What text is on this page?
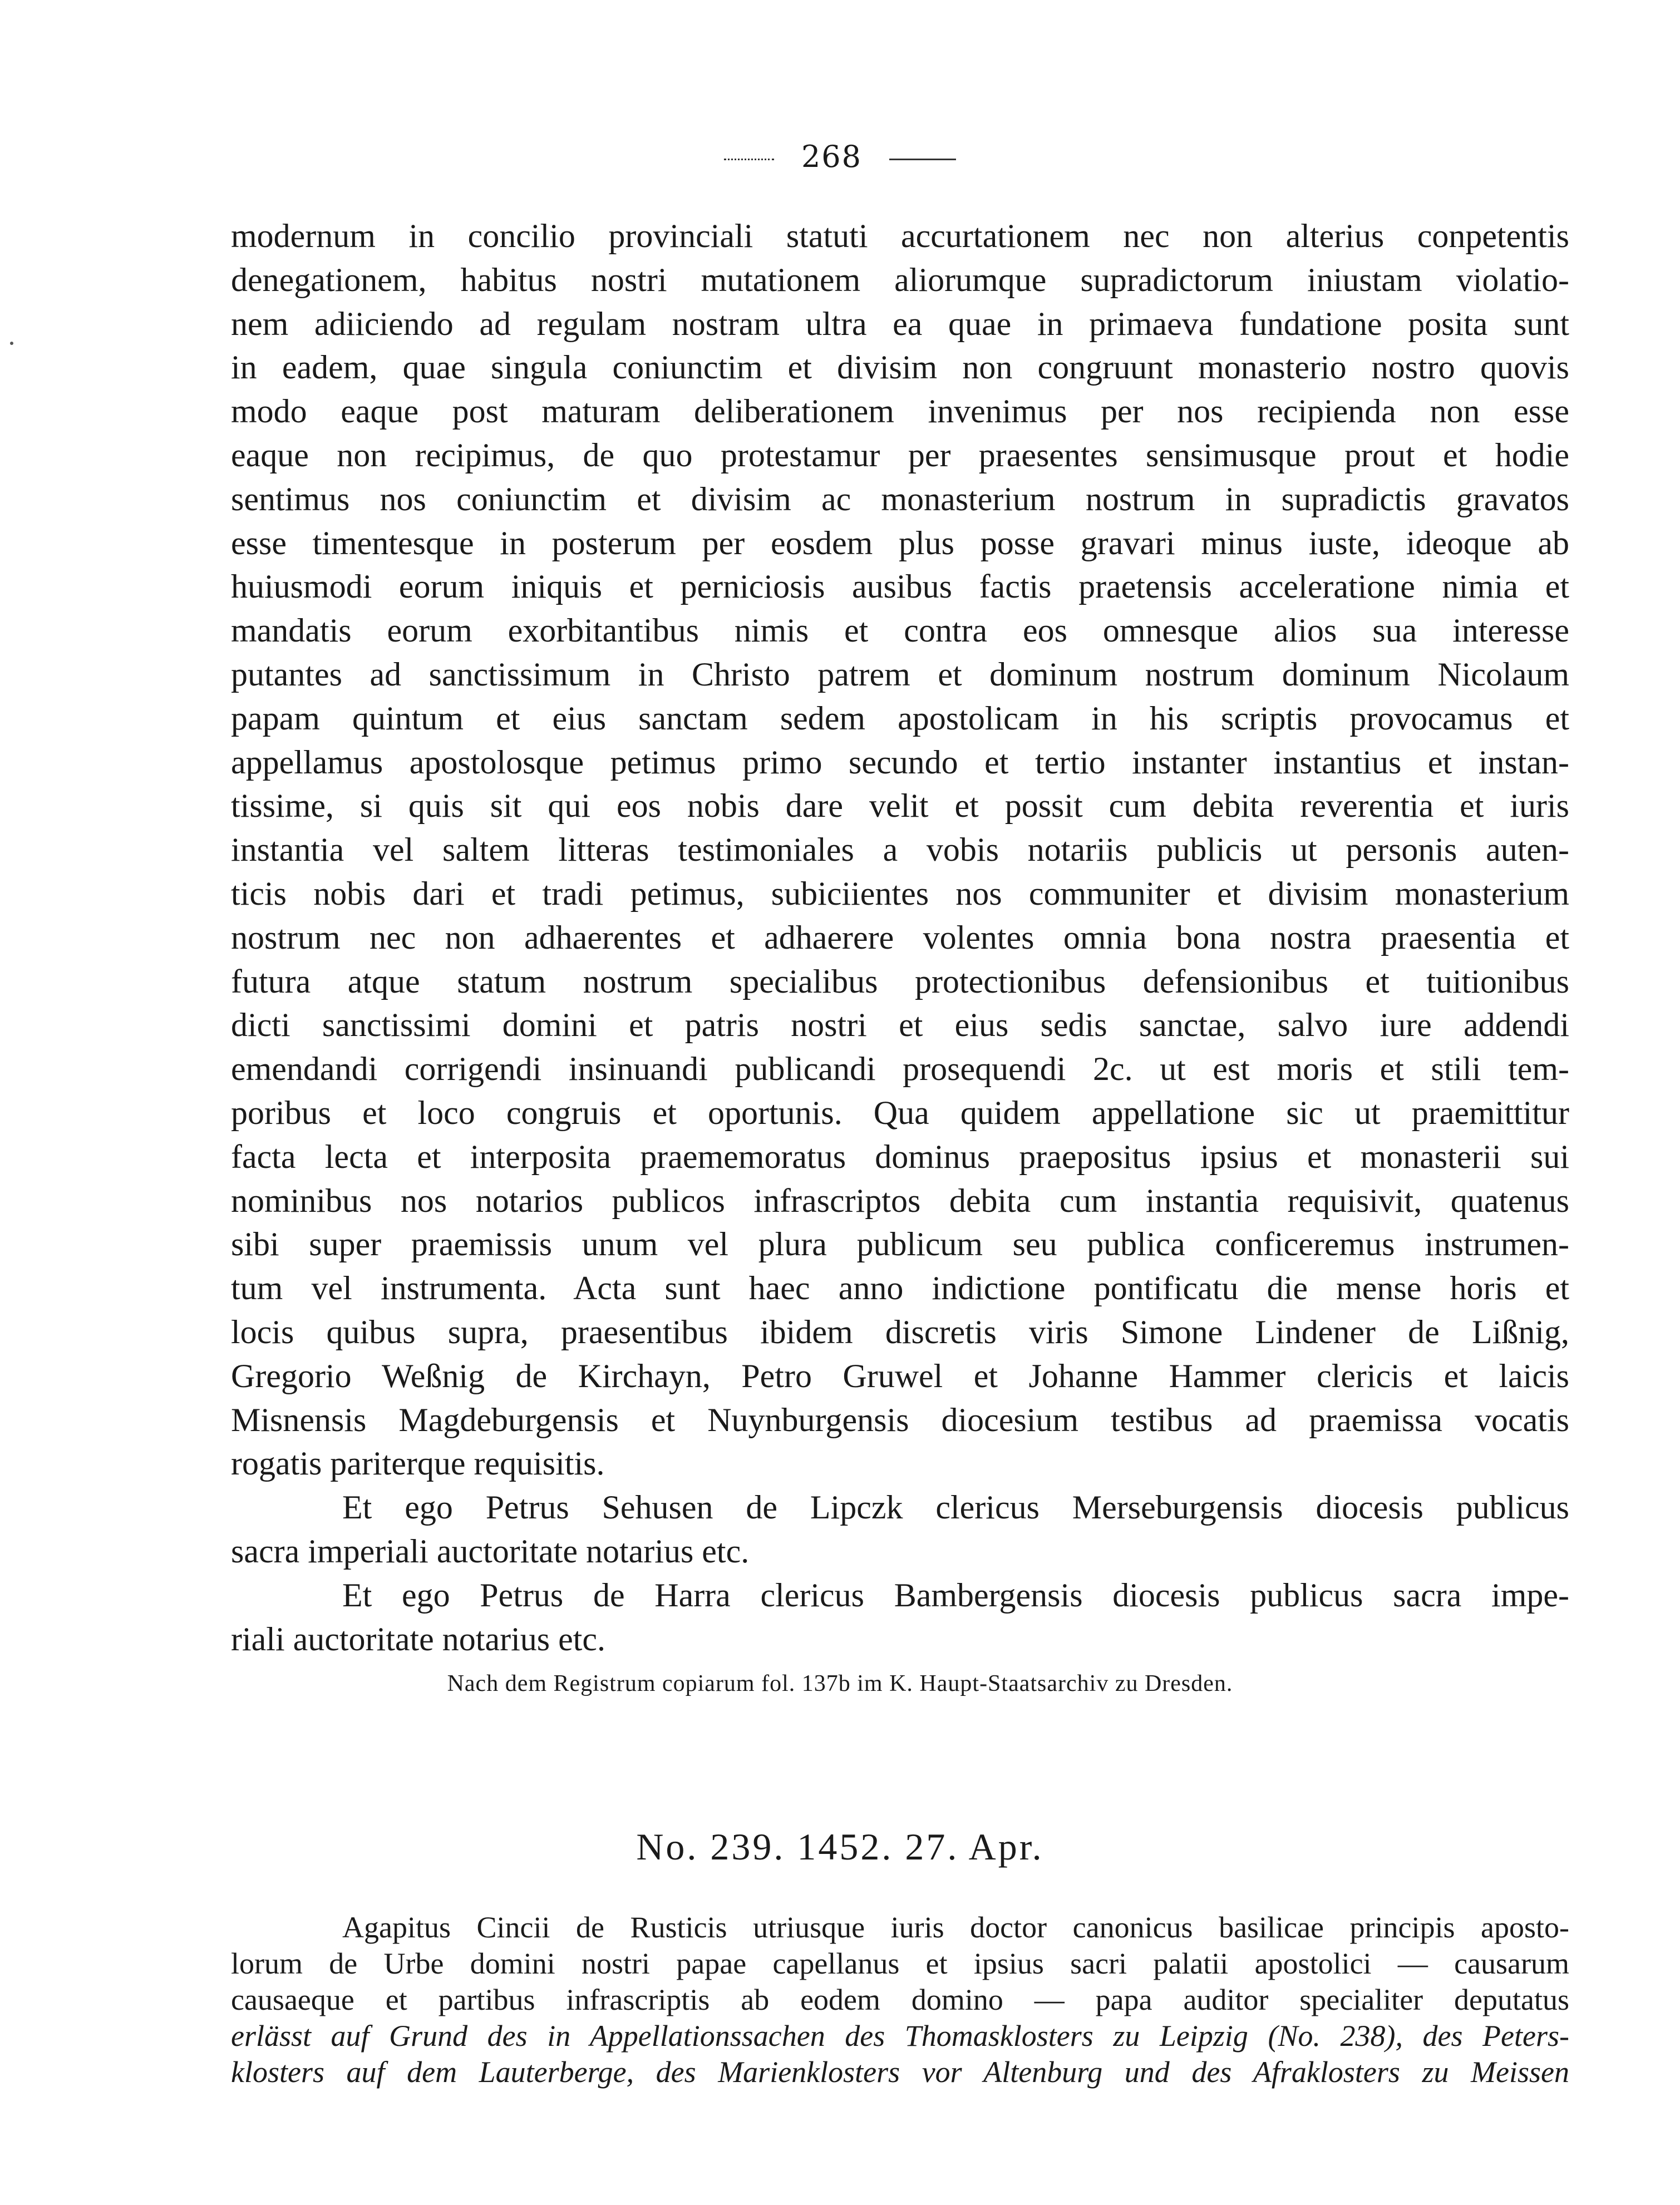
268
modernum in concilio provinciali statuti accurtationem nec non alterius conpetentis
denegationem, habitus nostri mutationem aliorumque supradictorum iniustam violatio-
nem adiiciendo ad regulam nostram ultra ea quae in primaeva fundatione posita sunt
in eadem, quae singula coniunctim et divisim non congruunt monasterio nostro quovis
modo eaque post maturam deliberationem invenimus per nos recipienda non esse
eaque non recipimus, de quo protestamur per praesentes sensimusque prout et hodie
sentimus nos coniunctim et divisim ac monasterium nostrum in supradictis gravatos
esse timentesque in posterum per eosdem plus posse gravari minus iuste, ideoque ab
huiusmodi eorum iniquis et perniciosis ausibus factis praetensis acceleratione nimia et
mandatis eorum exorbitantibus nimis et contra eos omnesque alios sua interesse
putantes ad sanctissimum in Christo patrem et dominum nostrum dominum Nicolaum
papam quintum et eius sanctam sedem apostolicam in his scriptis provocamus et
appellamus apostolosque petimus primo secundo et tertio instanter instantius et instan-
tissime, si quis sit qui eos nobis dare velit et possit cum debita reverentia et iuris
instantia vel saltem litteras testimoniales a vobis notariis publicis ut personis auten-
ticis nobis dari et tradi petimus, subiciientes nos communiter et divisim monasterium
nostrum nec non adhaerentes et adhaerere volentes omnia bona nostra praesentia et
futura atque statum nostrum specialibus protectionibus defensionibus et tuitionibus
dicti sanctissimi domini et patris nostri et eius sedis sanctae, salvo iure addendi
emendandi corrigendi insinuandi publicandi prosequendi 2c. ut est moris et stili tem-
poribus et loco congruis et oportunis. Qua quidem appellatione sic ut praemittitur
facta lecta et interposita praememoratus dominus praepositus ipsius et monasterii sui
nominibus nos notarios publicos infrascriptos debita cum instantia requisivit, quatenus
sibi super praemissis unum vel plura publicum seu publica conficeremus instrumen-
tum vel instrumenta. Acta sunt haec anno indictione pontificatu die mense horis et
locis quibus supra, praesentibus ibidem discretis viris Simone Lindener de Lißnig,
Gregorio Weßnig de Kirchayn, Petro Gruwel et Johanne Hammer clericis et laicis
Misnensis Magdeburgensis et Nuynburgensis diocesium testibus ad praemissa vocatis
rogatis pariterque requisitis.
Et ego Petrus Sehusen de Lipczk clericus Merseburgensis diocesis publicus
sacra imperiali auctoritate notarius etc.
Et ego Petrus de Harra clericus Bambergensis diocesis publicus sacra impe-
riali auctoritate notarius etc.
Nach dem Registrum copiarum fol. 137b im K. Haupt-Staatsarchiv zu Dresden.
No. 239. 1452. 27. Apr.
Agapitus Cincii de Rusticis utriusque iuris doctor canonicus basilicae principis aposto-
lorum de Urbe domini nostri papae capellanus et ipsius sacri palatii apostolici — causarum
causaeque et partibus infrascriptis ab eodem domino — papa auditor specialiter deputatus
erlässt auf Grund des in Appellationssachen des Thomasklosters zu Leipzig (No. 238), des Peters-
klosters auf dem Lauterberge, des Marienklosters vor Altenburg und des Afraklosters zu Meissen
